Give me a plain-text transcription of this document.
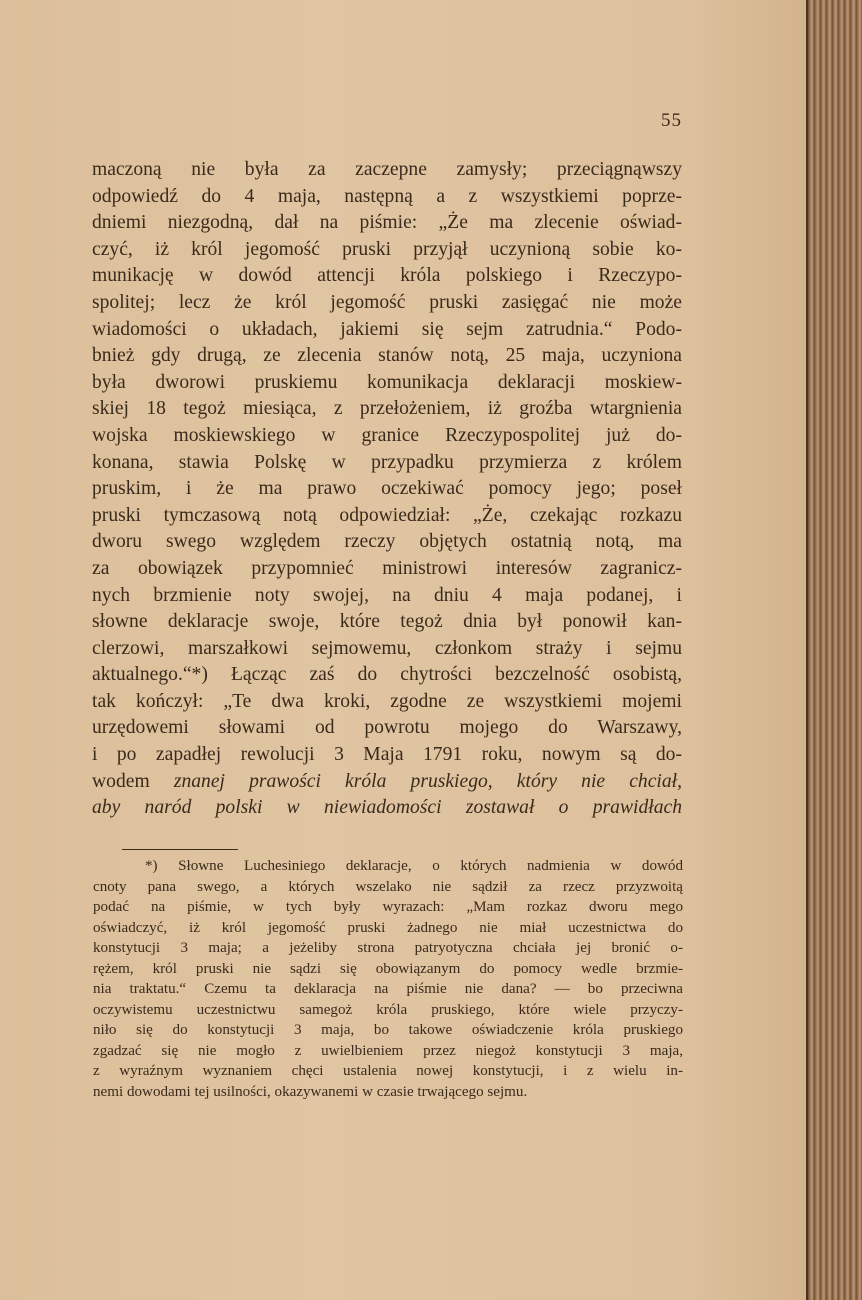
55
maczoną nie była za zaczepne zamysły; przeciągnąwszy
odpowiedź do 4 maja, następną a z wszystkiemi poprze-
dniemi niezgodną, dał na piśmie: „Że ma zlecenie oświad-
czyć, iż król jegomość pruski przyjął uczynioną sobie ko-
munikację w dowód attencji króla polskiego i Rzeczypo-
spolitej; lecz że król jegomość pruski zasięgać nie może
wiadomości o układach, jakiemi się sejm zatrudnia.“ Podo-
bnież gdy drugą, ze zlecenia stanów notą, 25 maja, uczyniona
była dworowi pruskiemu komunikacja deklaracji moskiew-
skiej 18 tegoż miesiąca, z przełożeniem, iż groźba wtargnienia
wojska moskiewskiego w granice Rzeczypospolitej już do-
konana, stawia Polskę w przypadku przymierza z królem
pruskim, i że ma prawo oczekiwać pomocy jego; poseł
pruski tymczasową notą odpowiedział: „Że, czekając rozkazu
dworu swego względem rzeczy objętych ostatnią notą, ma
za obowiązek przypomnieć ministrowi interesów zagranicz-
nych brzmienie noty swojej, na dniu 4 maja podanej, i
słowne deklaracje swoje, które tegoż dnia był ponowił kan-
clerzowi, marszałkowi sejmowemu, członkom straży i sejmu
aktualnego.“*) Łącząc zaś do chytrości bezczelność osobistą,
tak kończył: „Te dwa kroki, zgodne ze wszystkiemi mojemi
urzędowemi słowami od powrotu mojego do Warszawy,
i po zapadłej rewolucji 3 Maja 1791 roku, nowym są do-
wodem znanej prawości króla pruskiego, który nie chciał,
aby naród polski w niewiadomości zostawał o prawidłach
*) Słowne Luchesiniego deklaracje, o których nadmienia w dowód
cnoty pana swego, a których wszelako nie sądził za rzecz przyzwoitą
podać na piśmie, w tych były wyrazach: „Mam rozkaz dworu mego
oświadczyć, iż król jegomość pruski żadnego nie miał uczestnictwa do
konstytucji 3 maja; a jeżeliby strona patryotyczna chciała jej bronić o-
rężem, król pruski nie sądzi się obowiązanym do pomocy wedle brzmie-
nia traktatu.“ Czemu ta deklaracja na piśmie nie dana? — bo przeciwna
oczywistemu uczestnictwu samegoż króla pruskiego, które wiele przyczy-
niło się do konstytucji 3 maja, bo takowe oświadczenie króla pruskiego
zgadzać się nie mogło z uwielbieniem przez niegoż konstytucji 3 maja,
z wyraźnym wyznaniem chęci ustalenia nowej konstytucji, i z wielu in-
nemi dowodami tej usilności, okazywanemi w czasie trwającego sejmu.
